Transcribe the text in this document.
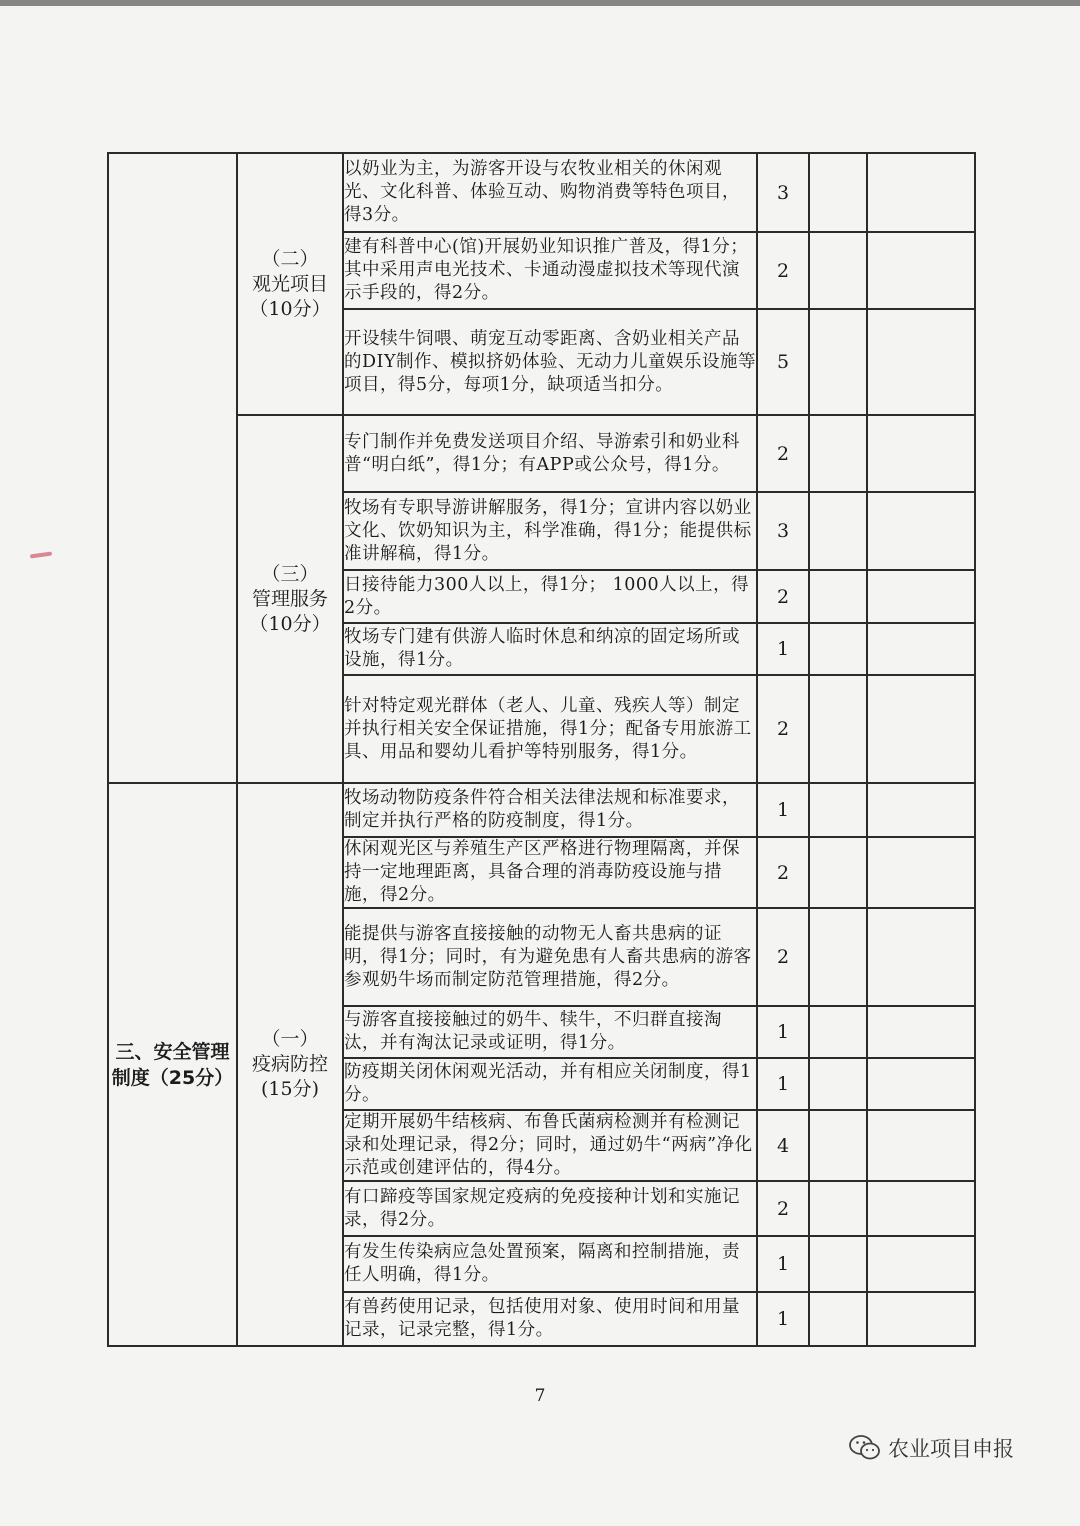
	（二）
观光项目
（10分）	以奶业为主，为游客开设与农牧业相关的休闲观光、文化科普、体验互动、购物消费等特色项目，得3分。	3		
		建有科普中心(馆)开展奶业知识推广普及，得1分；其中采用声电光技术、卡通动漫虚拟技术等现代演示手段的，得2分。	2		
		开设犊牛饲喂、萌宠互动零距离、含奶业相关产品的DIY制作、模拟挤奶体验、无动力儿童娱乐设施等项目，得5分，每项1分，缺项适当扣分。	5		

	（三）
管理服务
（10分）	专门制作并免费发送项目介绍、导游索引和奶业科普“明白纸”，得1分；有APP或公众号，得1分。	2		
		牧场有专职导游讲解服务，得1分；宣讲内容以奶业文化、饮奶知识为主，科学准确，得1分；能提供标准讲解稿，得1分。	3		
		日接待能力300人以上，得1分； 1000人以上，得2分。	2		
		牧场专门建有供游人临时休息和纳凉的固定场所或设施，得1分。	1		
		针对特定观光群体（老人、儿童、残疾人等）制定并执行相关安全保证措施，得1分；配备专用旅游工具、用品和婴幼儿看护等特别服务，得1分。	2		
三、安全管理制度（25分）	（一）
疫病防控
(15分)	牧场动物防疫条件符合相关法律法规和标准要求，制定并执行严格的防疫制度，得1分。	1		
		休闲观光区与养殖生产区严格进行物理隔离，并保持一定地理距离，具备合理的消毒防疫设施与措施，得2分。	2		
		能提供与游客直接接触的动物无人畜共患病的证明，得1分；同时，有为避免患有人畜共患病的游客参观奶牛场而制定防范管理措施，得2分。	2		
		与游客直接接触过的奶牛、犊牛，不归群直接淘汰，并有淘汰记录或证明，得1分。	1		
		防疫期关闭休闲观光活动，并有相应关闭制度，得1分。	1		
		定期开展奶牛结核病、布鲁氏菌病检测并有检测记录和处理记录，得2分；同时，通过奶牛“两病”净化示范或创建评估的，得4分。	4		
		有口蹄疫等国家规定疫病的免疫接种计划和实施记录，得2分。	2		
		有发生传染病应急处置预案，隔离和控制措施，责任人明确，得1分。	1		
		有兽药使用记录，包括使用对象、使用时间和用量记录，记录完整，得1分。	1		
7
农业项目申报
